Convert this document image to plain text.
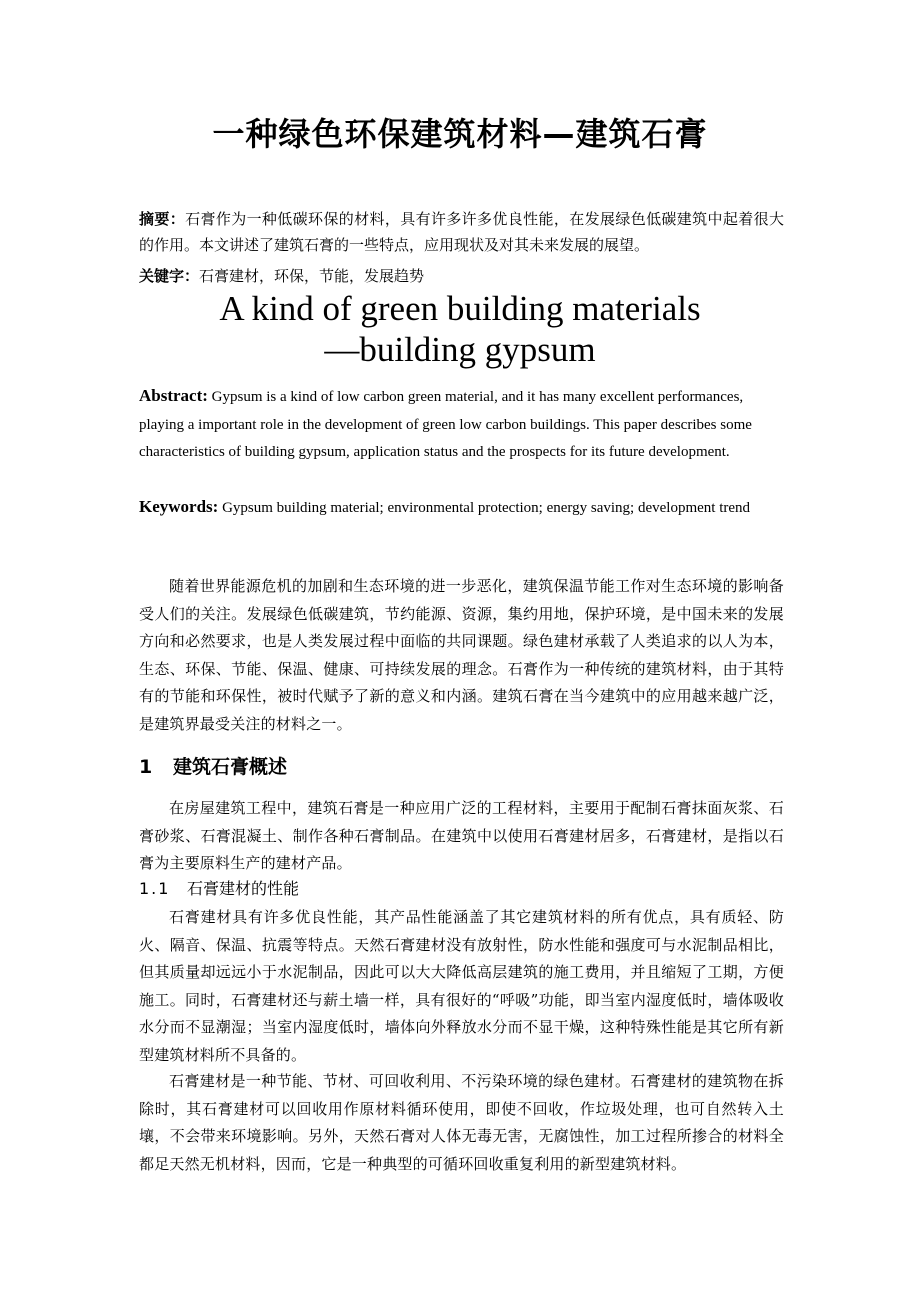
一种绿色环保建筑材料—建筑石膏
摘要：石膏作为一种低碳环保的材料，具有许多许多优良性能，在发展绿色低碳建筑中起着很大的作用。本文讲述了建筑石膏的一些特点，应用现状及对其未来发展的展望。
关键字：石膏建材，环保，节能，发展趋势
A kind of green building materials
—building gypsum
Abstract: Gypsum is a kind of low carbon green material, and it has many excellent performances, playing a important role in the development of green low carbon buildings. This paper describes some characteristics of building gypsum, application status and the prospects for its future development.
Keywords: Gypsum building material; environmental protection; energy saving; development trend
随着世界能源危机的加剧和生态环境的进一步恶化，建筑保温节能工作对生态环境的影响备受人们的关注。发展绿色低碳建筑，节约能源、资源，集约用地，保护环境，是中国未来的发展方向和必然要求，也是人类发展过程中面临的共同课题。绿色建材承载了人类追求的以人为本，生态、环保、节能、保温、健康、可持续发展的理念。石膏作为一种传统的建筑材料，由于其特有的节能和环保性，被时代赋予了新的意义和内涵。建筑石膏在当今建筑中的应用越来越广泛，是建筑界最受关注的材料之一。
1 建筑石膏概述
在房屋建筑工程中，建筑石膏是一种应用广泛的工程材料，主要用于配制石膏抹面灰浆、石膏砂浆、石膏混凝土、制作各种石膏制品。在建筑中以使用石膏建材居多，石膏建材，是指以石膏为主要原料生产的建材产品。
1.1 石膏建材的性能
石膏建材具有许多优良性能，其产品性能涵盖了其它建筑材料的所有优点，具有质轻、防火、隔音、保温、抗震等特点。天然石膏建材没有放射性，防水性能和强度可与水泥制品相比，但其质量却远远小于水泥制品，因此可以大大降低高层建筑的施工费用，并且缩短了工期，方便施工。同时，石膏建材还与薪土墙一样，具有很好的“呼吸”功能，即当室内湿度低时，墙体吸收水分而不显潮湿；当室内湿度低时，墙体向外释放水分而不显干燥，这种特殊性能是其它所有新型建筑材料所不具备的。
石膏建材是一种节能、节材、可回收利用、不污染环境的绿色建材。石膏建材的建筑物在拆除时，其石膏建材可以回收用作原材料循环使用，即使不回收，作垃圾处理，也可自然转入土壤，不会带来环境影响。另外，天然石膏对人体无毒无害，无腐蚀性，加工过程所掺合的材料全都足天然无机材料，因而，它是一种典型的可循环回收重复利用的新型建筑材料。
